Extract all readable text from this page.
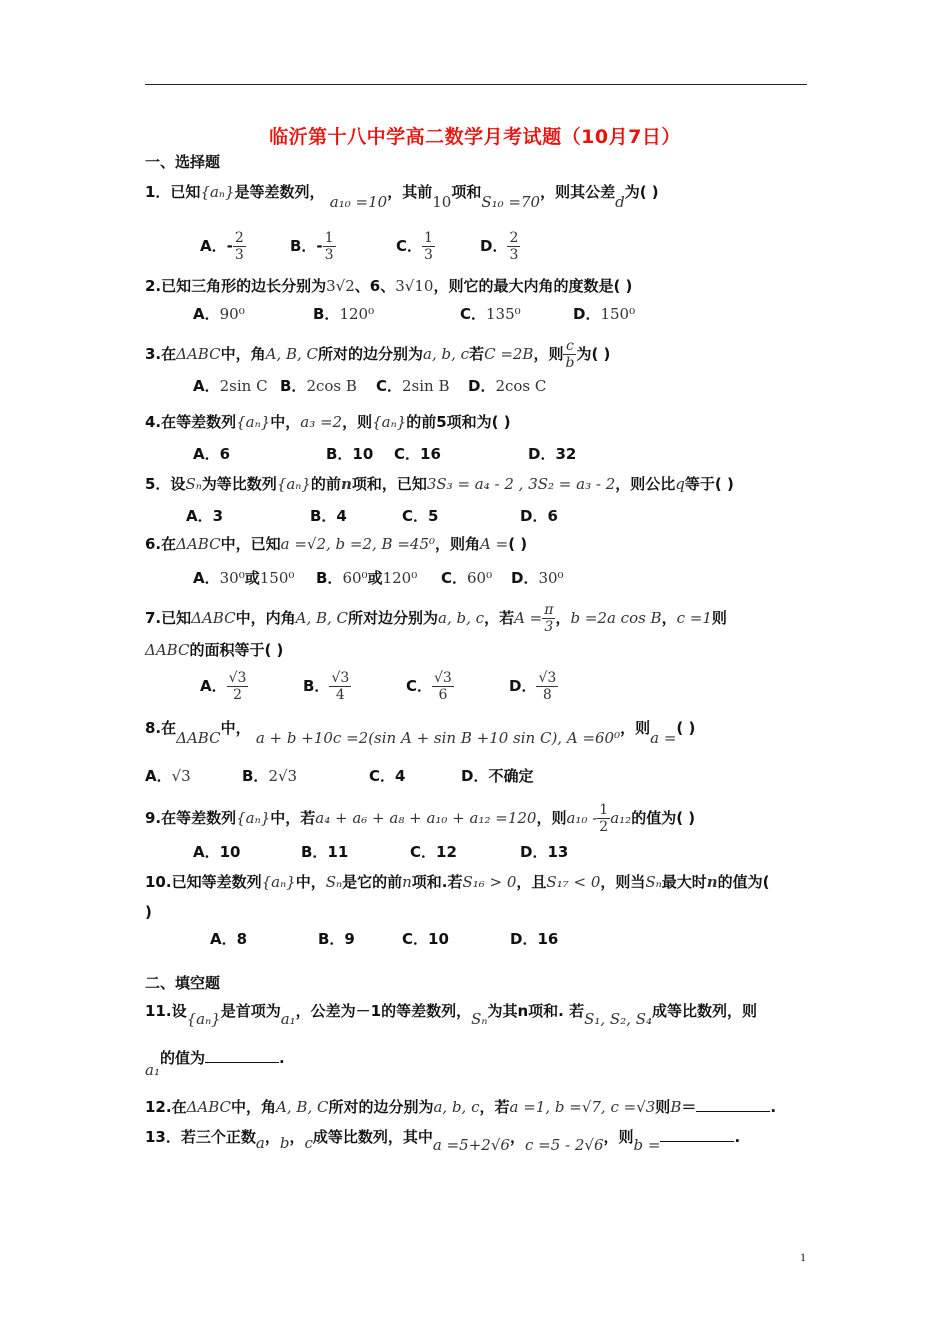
临沂第十八中学高二数学月考试题（10月7日）
一、选择题
1．已知{aₙ}是等差数列， a₁₀ =10，其前10项和S₁₀ =70，则其公差d为( )
A．- $\frac{2}{3}$	B．- $\frac{1}{3}$	C． $\frac{1}{3}$	D． $\frac{2}{3}$
2.已知三角形的边长分别为3√2、6、3√10，则它的最大内角的度数是( )
A．90⁰	B．120⁰	C．135⁰	D．150⁰
3.在ΔABC中，角A, B, C所对的边分别为a, b, c若C =2B，则 $\frac{c}{b}$ 为( )
A．2sin C B．2cos B C．2sin B D．2cos C
4.在等差数列{aₙ}中，a₃ =2，则{aₙ}的前5项和为( )
A．6	B．10 C．16	D．32
5．设Sₙ为等比数列{aₙ}的前n项和，已知3S₃ = a₄ - 2 , 3S₂ = a₃ - 2，则公比q等于( )
A．3	B．4	C．5	D．6
6.在ΔABC中，已知a =√2, b =2, B =45⁰，则角A =( )
A．30⁰或150⁰ B．60⁰或120⁰ C．60⁰ D．30⁰
7.已知ΔABC中，内角A, B, C所对边分别为a, b, c，若$A = \frac{\pi}{3}$ ，b =2a cos B，c =1则
ΔABC的面积等于( )
A． $\frac{√3}{2}$	B． $\frac{√3}{4}$	C． $\frac{√3}{6}$	D． $\frac{√3}{8}$
8.在ΔABC中， a + b +10c =2(sin A + sin B +10 sin C), A =60⁰，则a =( )
A．√3	B．2√3	C．4	D．不确定
9.在等差数列{aₙ}中，若a₄ + a₆ + a₈ + a₁₀ + a₁₂ =120，则$a_{10} - \frac{1}{2} a_{12}$的值为( )
A．10	B．11	C．12	D．13
10.已知等差数列{aₙ}中，Sₙ是它的前n项和.若S₁₆ > 0，且S₁₇ < 0，则当Sₙ最大时n的值为(
)
A．8	B．9	C．10	D．16
二、填空题
11.设{aₙ}是首项为a₁，公差为－1的等差数列，Sₙ为其n项和. 若S₁, S₂, S₄成等比数列，则
a₁的值为	.
12.在ΔABC中，角A, B, C所对的边分别为a, b, c，若a =1, b =√7, c =√3则B＝	.
13．若三个正数a，b，c成等比数列，其中a =5+2√6，c =5 - 2√6，则b =	.
1
